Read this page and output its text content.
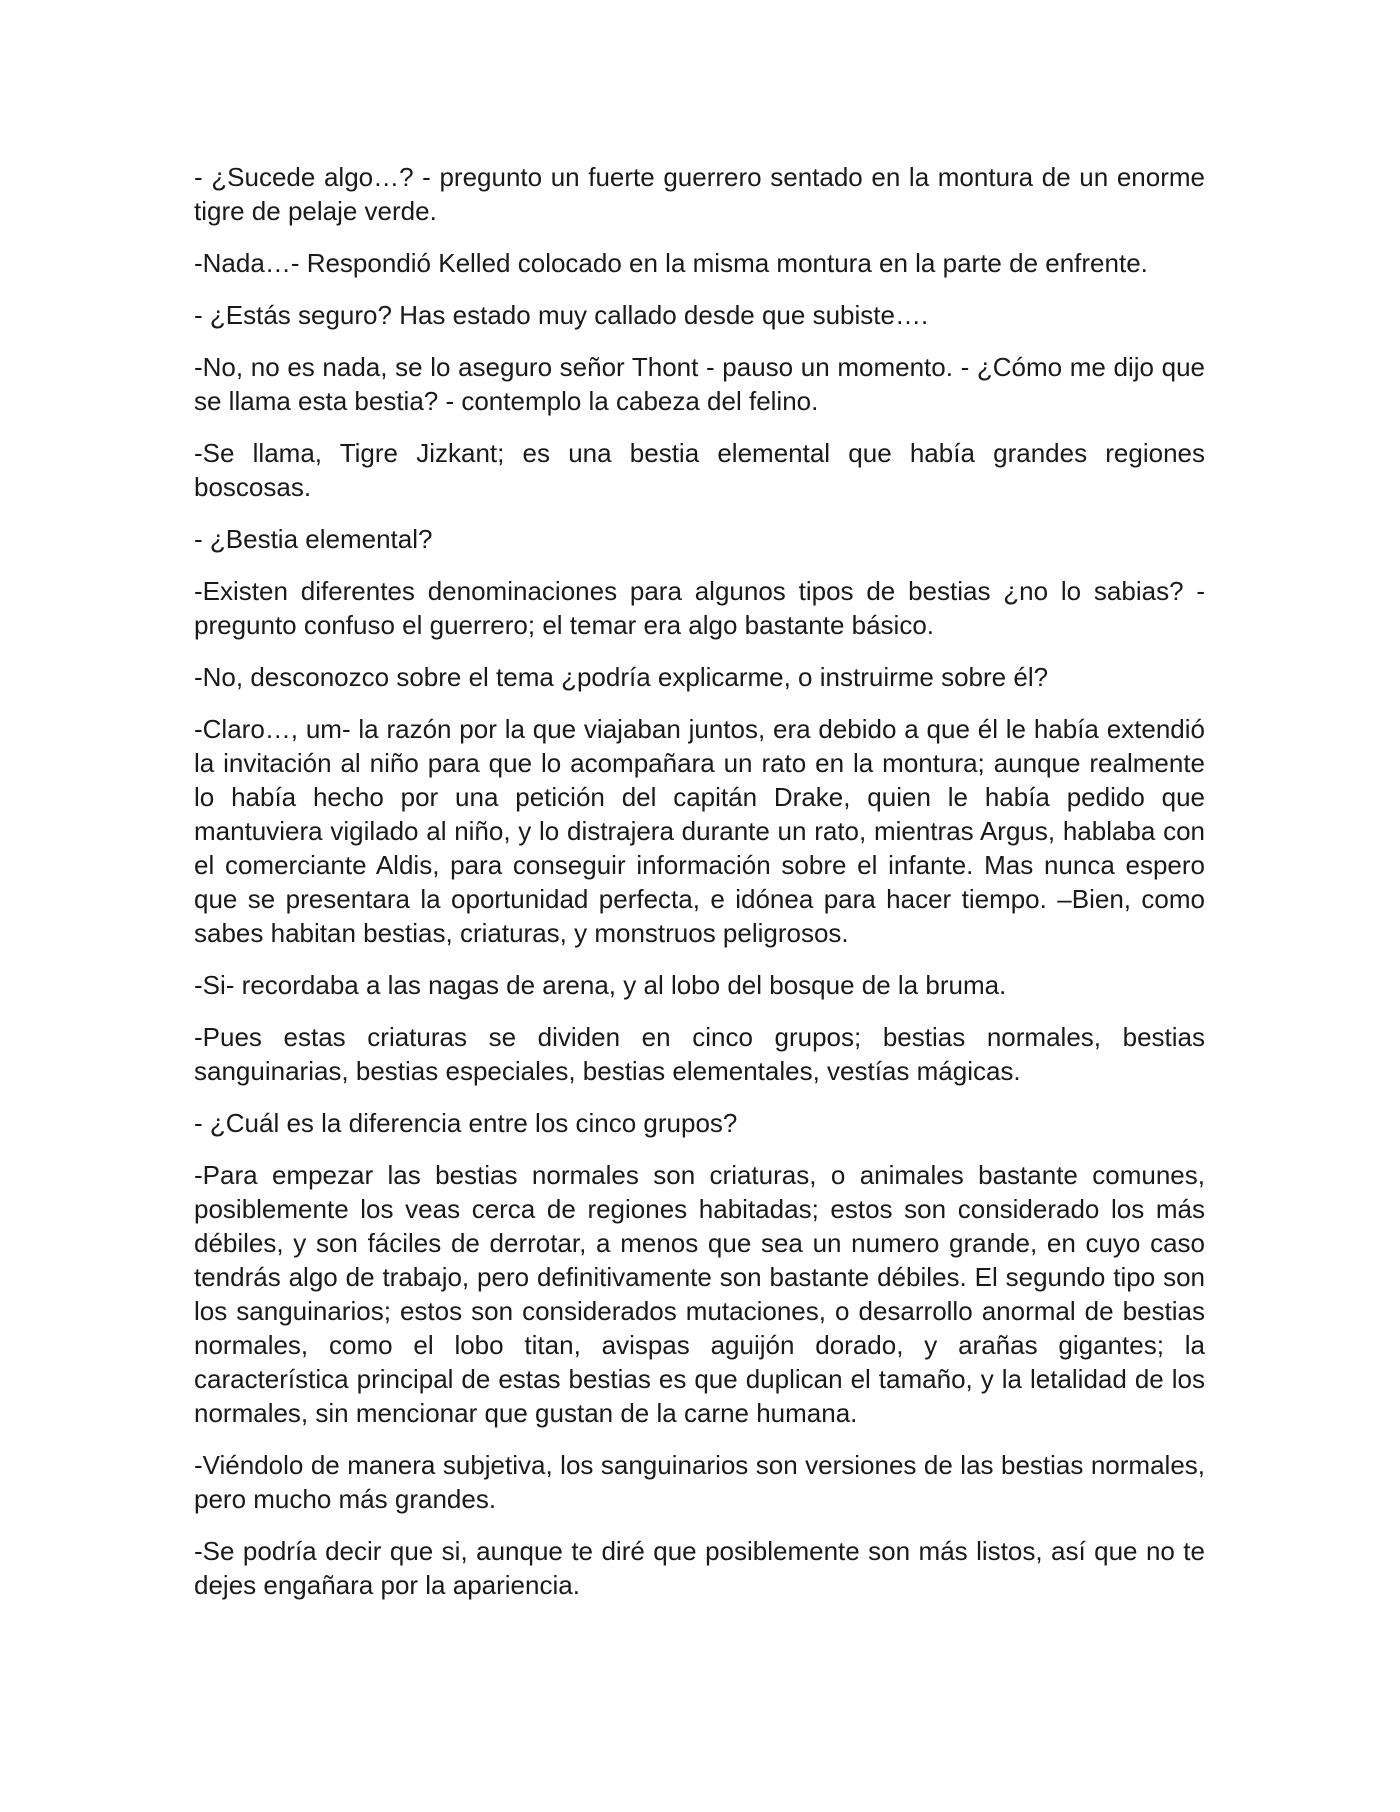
- ¿Sucede algo…? - pregunto un fuerte guerrero sentado en la montura de un enorme tigre de pelaje verde.

-Nada…- Respondió Kelled colocado en la misma montura en la parte de enfrente.

- ¿Estás seguro? Has estado muy callado desde que subiste….

-No, no es nada, se lo aseguro señor Thont - pauso un momento. - ¿Cómo me dijo que se llama esta bestia? - contemplo la cabeza del felino.

-Se llama, Tigre Jizkant; es una bestia elemental que había grandes regiones boscosas.

- ¿Bestia elemental?

-Existen diferentes denominaciones para algunos tipos de bestias ¿no lo sabias? - pregunto confuso el guerrero; el temar era algo bastante básico.

-No, desconozco sobre el tema ¿podría explicarme, o instruirme sobre él?

-Claro…, um- la razón por la que viajaban juntos, era debido a que él le había extendió la invitación al niño para que lo acompañara un rato en la montura; aunque realmente lo había hecho por una petición del capitán Drake, quien le había pedido que mantuviera vigilado al niño, y lo distrajera durante un rato, mientras Argus, hablaba con el comerciante Aldis, para conseguir información sobre el infante. Mas nunca espero que se presentara la oportunidad perfecta, e idónea para hacer tiempo. –Bien, como sabes habitan bestias, criaturas, y monstruos peligrosos.

-Si- recordaba a las nagas de arena, y al lobo del bosque de la bruma.

-Pues estas criaturas se dividen en cinco grupos; bestias normales, bestias sanguinarias, bestias especiales, bestias elementales, vestías mágicas.

- ¿Cuál es la diferencia entre los cinco grupos?

-Para empezar las bestias normales son criaturas, o animales bastante comunes, posiblemente los veas cerca de regiones habitadas; estos son considerado los más débiles, y son fáciles de derrotar, a menos que sea un numero grande, en cuyo caso tendrás algo de trabajo, pero definitivamente son bastante débiles. El segundo tipo son los sanguinarios; estos son considerados mutaciones, o desarrollo anormal de bestias normales, como el lobo titan, avispas aguijón dorado, y arañas gigantes; la característica principal de estas bestias es que duplican el tamaño, y la letalidad de los normales, sin mencionar que gustan de la carne humana.

-Viéndolo de manera subjetiva, los sanguinarios son versiones de las bestias normales, pero mucho más grandes.

-Se podría decir que si, aunque te diré que posiblemente son más listos, así que no te dejes engañara por la apariencia.
